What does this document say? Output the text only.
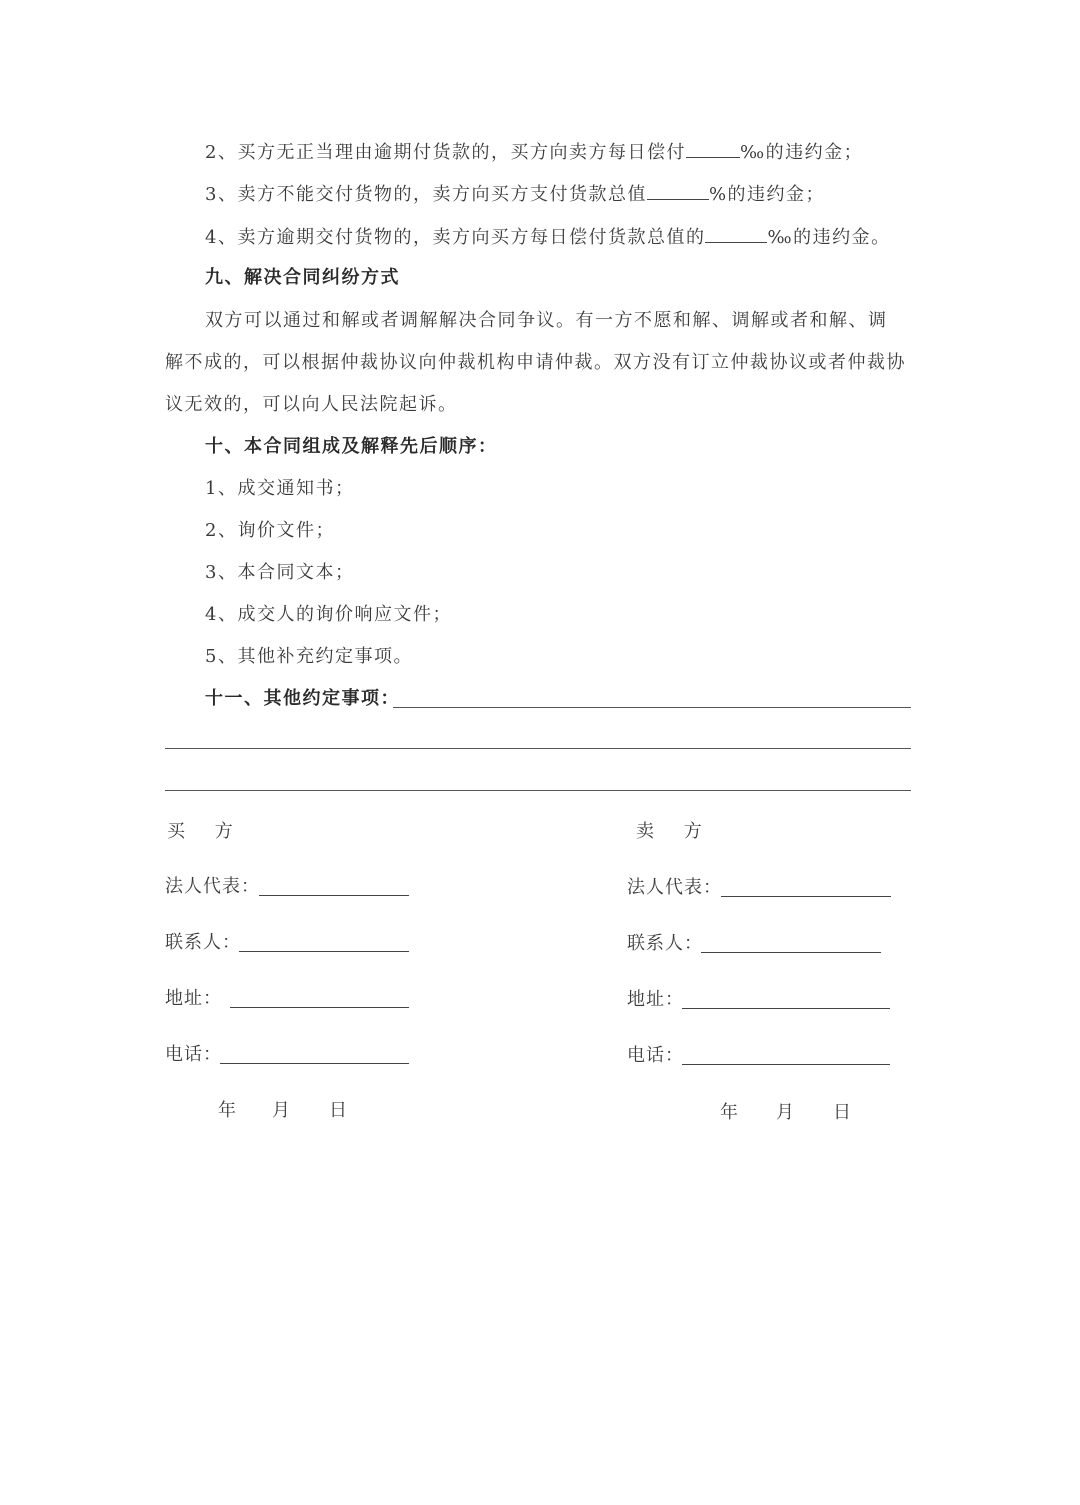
2、买方无正当理由逾期付货款的，买方向卖方每日偿付	‰的违约金；
3、卖方不能交付货物的，卖方向买方支付货款总值	%的违约金；
4、卖方逾期交付货物的，卖方向买方每日偿付货款总值的	‰的违约金。
九、解决合同纠纷方式
双方可以通过和解或者调解解决合同争议。有一方不愿和解、调解或者和解、调
解不成的，可以根据仲裁协议向仲裁机构申请仲裁。双方没有订立仲裁协议或者仲裁协
议无效的，可以向人民法院起诉。
十、本合同组成及解释先后顺序：
1、成交通知书；
2、询价文件；
3、本合同文本；
4、成交人的询价响应文件；
5、其他补充约定事项。
十一、其他约定事项：
买 方
法人代表：
联系人：
地址：
电话：
年 月 日
卖 方
法人代表：
联系人：
地址：
电话：
年 月 日
